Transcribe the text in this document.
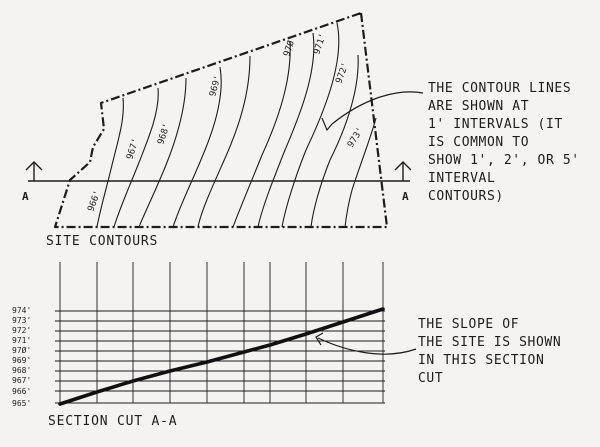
966'
967'
968'
969'
97Ø' 971'
972'
973'
A	A
SITE CONTOURS
THE CONTOUR LINES ARE SHOWN AT 1' INTERVALS (IT IS COMMON TO SHOW 1', 2', OR 5' INTERVAL CONTOURS)
974'
973'
972'
971'
97Ø'
969'
968'
967'
966'
965'
SECTION CUT A-A
THE SLOPE OF THE SITE IS SHOWN IN THIS SECTION CUT
